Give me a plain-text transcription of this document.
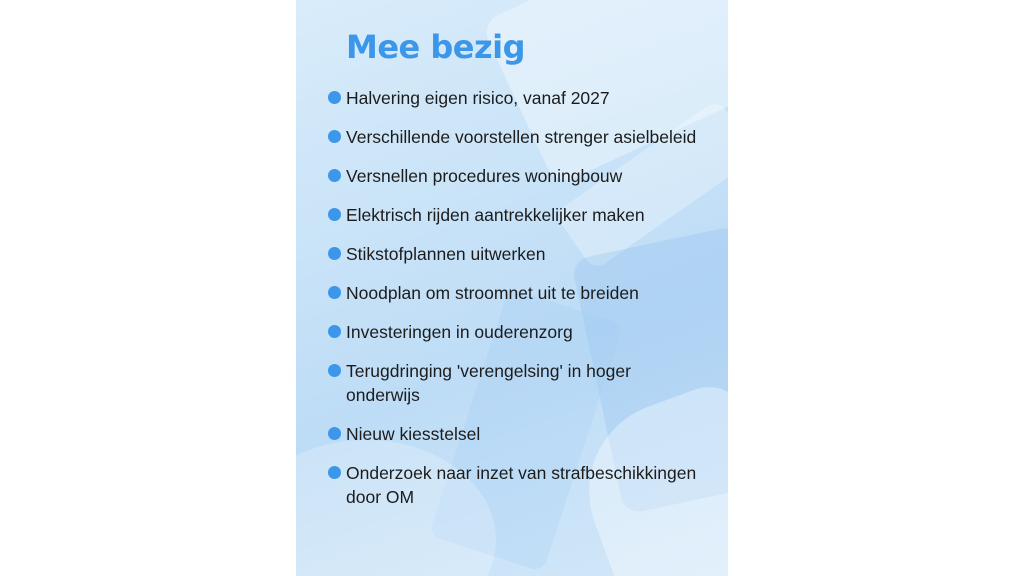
Mee bezig
Halvering eigen risico, vanaf 2027
Verschillende voorstellen strenger asielbeleid
Versnellen procedures woningbouw
Elektrisch rijden aantrekkelijker maken
Stikstofplannen uitwerken
Noodplan om stroomnet uit te breiden
Investeringen in ouderenzorg
Terugdringing 'verengelsing' in hoger onderwijs
Nieuw kiesstelsel
Onderzoek naar inzet van strafbeschikkingen door OM
